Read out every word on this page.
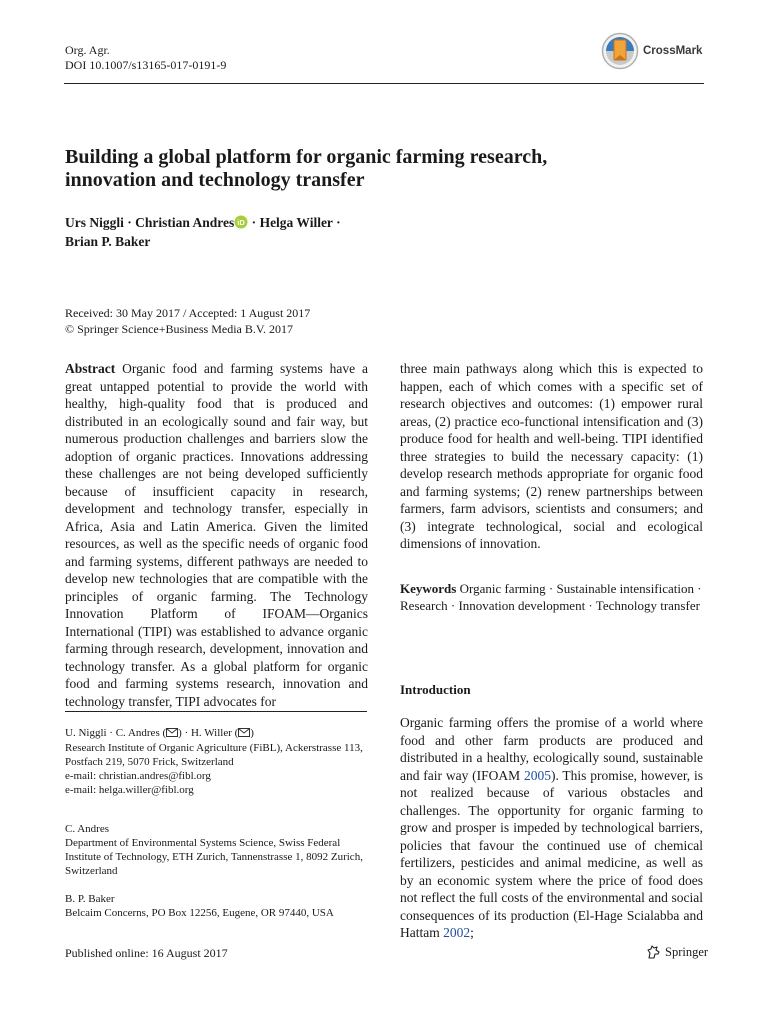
Org. Agr.
DOI 10.1007/s13165-017-0191-9
CrossMark
Building a global platform for organic farming research, innovation and technology transfer
Urs Niggli · Christian Andres iD · Helga Willer ·
Brian P. Baker
Received: 30 May 2017 / Accepted: 1 August 2017
© Springer Science+Business Media B.V. 2017
Abstract Organic food and farming systems have a great untapped potential to provide the world with healthy, high-quality food that is produced and distributed in an ecologically sound and fair way, but numerous production challenges and barriers slow the adoption of organic practices. Innovations addressing these challenges are not being developed sufficiently because of insufficient capacity in research, development and technology transfer, especially in Africa, Asia and Latin America. Given the limited resources, as well as the specific needs of organic food and farming systems, different pathways are needed to develop new technologies that are compatible with the principles of organic farming. The Technology Innovation Platform of IFOAM—Organics International (TIPI) was established to advance organic farming through research, development, innovation and technology transfer. As a global platform for organic food and farming systems research, innovation and technology transfer, TIPI advocates for

U. Niggli · C. Andres ( ) · H. Willer ( )

Research Institute of Organic Agriculture (FiBL), Ackerstrasse 113, Postfach 219, 5070 Frick, Switzerland

e-mail: christian.andres@fibl.org

e-mail: helga.willer@fibl.org

C. Andres

Department of Environmental Systems Science, Swiss Federal Institute of Technology, ETH Zurich, Tannenstrasse 1, 8092 Zurich, Switzerland

B. P. Baker

Belcaim Concerns, PO Box 12256, Eugene, OR 97440, USA

three main pathways along which this is expected to happen, each of which comes with a specific set of research objectives and outcomes: (1) empower rural areas, (2) practice eco-functional intensification and (3) produce food for health and well-being. TIPI identified three strategies to build the necessary capacity: (1) develop research methods appropriate for organic food and farming systems; (2) renew partnerships between farmers, farm advisors, scientists and consumers; and (3) integrate technological, social and ecological dimensions of innovation.
Keywords Organic farming · Sustainable intensification · Research · Innovation development · Technology transfer
Introduction
Organic farming offers the promise of a world where food and other farm products are produced and distributed in a healthy, ecologically sound, sustainable and fair way (IFOAM 2005). This promise, however, is not realized because of various obstacles and challenges. The opportunity for organic farming to grow and prosper is impeded by technological barriers, policies that favour the continued use of chemical fertilizers, pesticides and animal medicine, as well as by an economic system where the price of food does not reflect the full costs of the environmental and social consequences of its production (El-Hage Scialabba and Hattam 2002;
Published online: 16 August 2017	Springer
